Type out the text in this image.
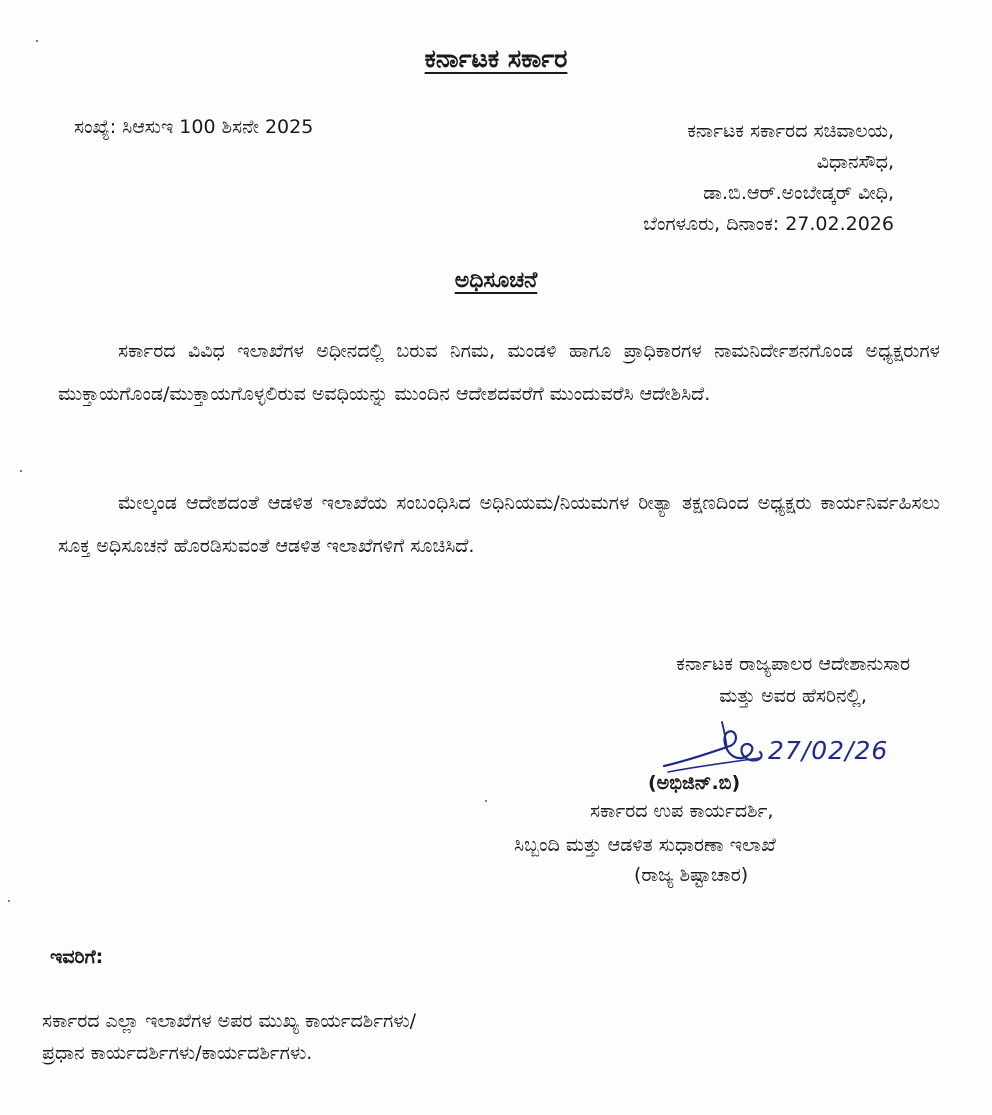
ಕರ್ನಾಟಕ ಸರ್ಕಾರ
ಸಂಖ್ಯೆ: ಸಿಆಸುಇ 100 ಶಿಸನೇ 2025	ಕರ್ನಾಟಕ ಸರ್ಕಾರದ ಸಚಿವಾಲಯ,
ವಿಧಾನಸೌಧ,
ಡಾ.ಬಿ.ಆರ್.ಅಂಬೇಡ್ಕರ್ ವೀಧಿ,
ಬೆಂಗಳೂರು, ದಿನಾಂಕ: 27.02.2026
ಅಧಿಸೂಚನೆ

ಸರ್ಕಾರದ ವಿವಿಧ ಇಲಾಖೆಗಳ ಅಧೀನದಲ್ಲಿ ಬರುವ ನಿಗಮ, ಮಂಡಳಿ ಹಾಗೂ ಪ್ರಾಧಿಕಾರಗಳ ನಾಮನಿರ್ದೇಶನಗೊಂಡ ಅಧ್ಯಕ್ಷರುಗಳ ಮುಕ್ತಾಯಗೊಂಡ/ಮುಕ್ತಾಯಗೊಳ್ಳಲಿರುವ ಅವಧಿಯನ್ನು ಮುಂದಿನ ಆದೇಶದವರೆಗೆ ಮುಂದುವರೆಸಿ ಆದೇಶಿಸಿದೆ.

ಮೇಲ್ಕಂಡ ಆದೇಶದಂತೆ ಆಡಳಿತ ಇಲಾಖೆಯ ಸಂಬಂಧಿಸಿದ ಅಧಿನಿಯಮ/ನಿಯಮಗಳ ರೀತ್ಯಾ ತಕ್ಷಣದಿಂದ ಅಧ್ಯಕ್ಷರು ಕಾರ್ಯನಿರ್ವಹಿಸಲು ಸೂಕ್ತ ಅಧಿಸೂಚನೆ ಹೊರಡಿಸುವಂತೆ ಆಡಳಿತ ಇಲಾಖೆಗಳಿಗೆ ಸೂಚಿಸಿದೆ.

ಕರ್ನಾಟಕ ರಾಜ್ಯಪಾಲರ ಆದೇಶಾನುಸಾರ
ಮತ್ತು ಅವರ ಹೆಸರಿನಲ್ಲಿ,
27/02/26
(ಅಭಿಜಿನ್.ಬಿ)
ಸರ್ಕಾರದ ಉಪ ಕಾರ್ಯದರ್ಶಿ,
ಸಿಬ್ಬಂದಿ ಮತ್ತು ಆಡಳಿತ ಸುಧಾರಣಾ ಇಲಾಖೆ
(ರಾಜ್ಯ ಶಿಷ್ಟಾಚಾರ)
ಇವರಿಗೆ:
ಸರ್ಕಾರದ ಎಲ್ಲಾ ಇಲಾಖೆಗಳ ಅಪರ ಮುಖ್ಯ ಕಾರ್ಯದರ್ಶಿಗಳು/
ಪ್ರಧಾನ ಕಾರ್ಯದರ್ಶಿಗಳು/ಕಾರ್ಯದರ್ಶಿಗಳು.
